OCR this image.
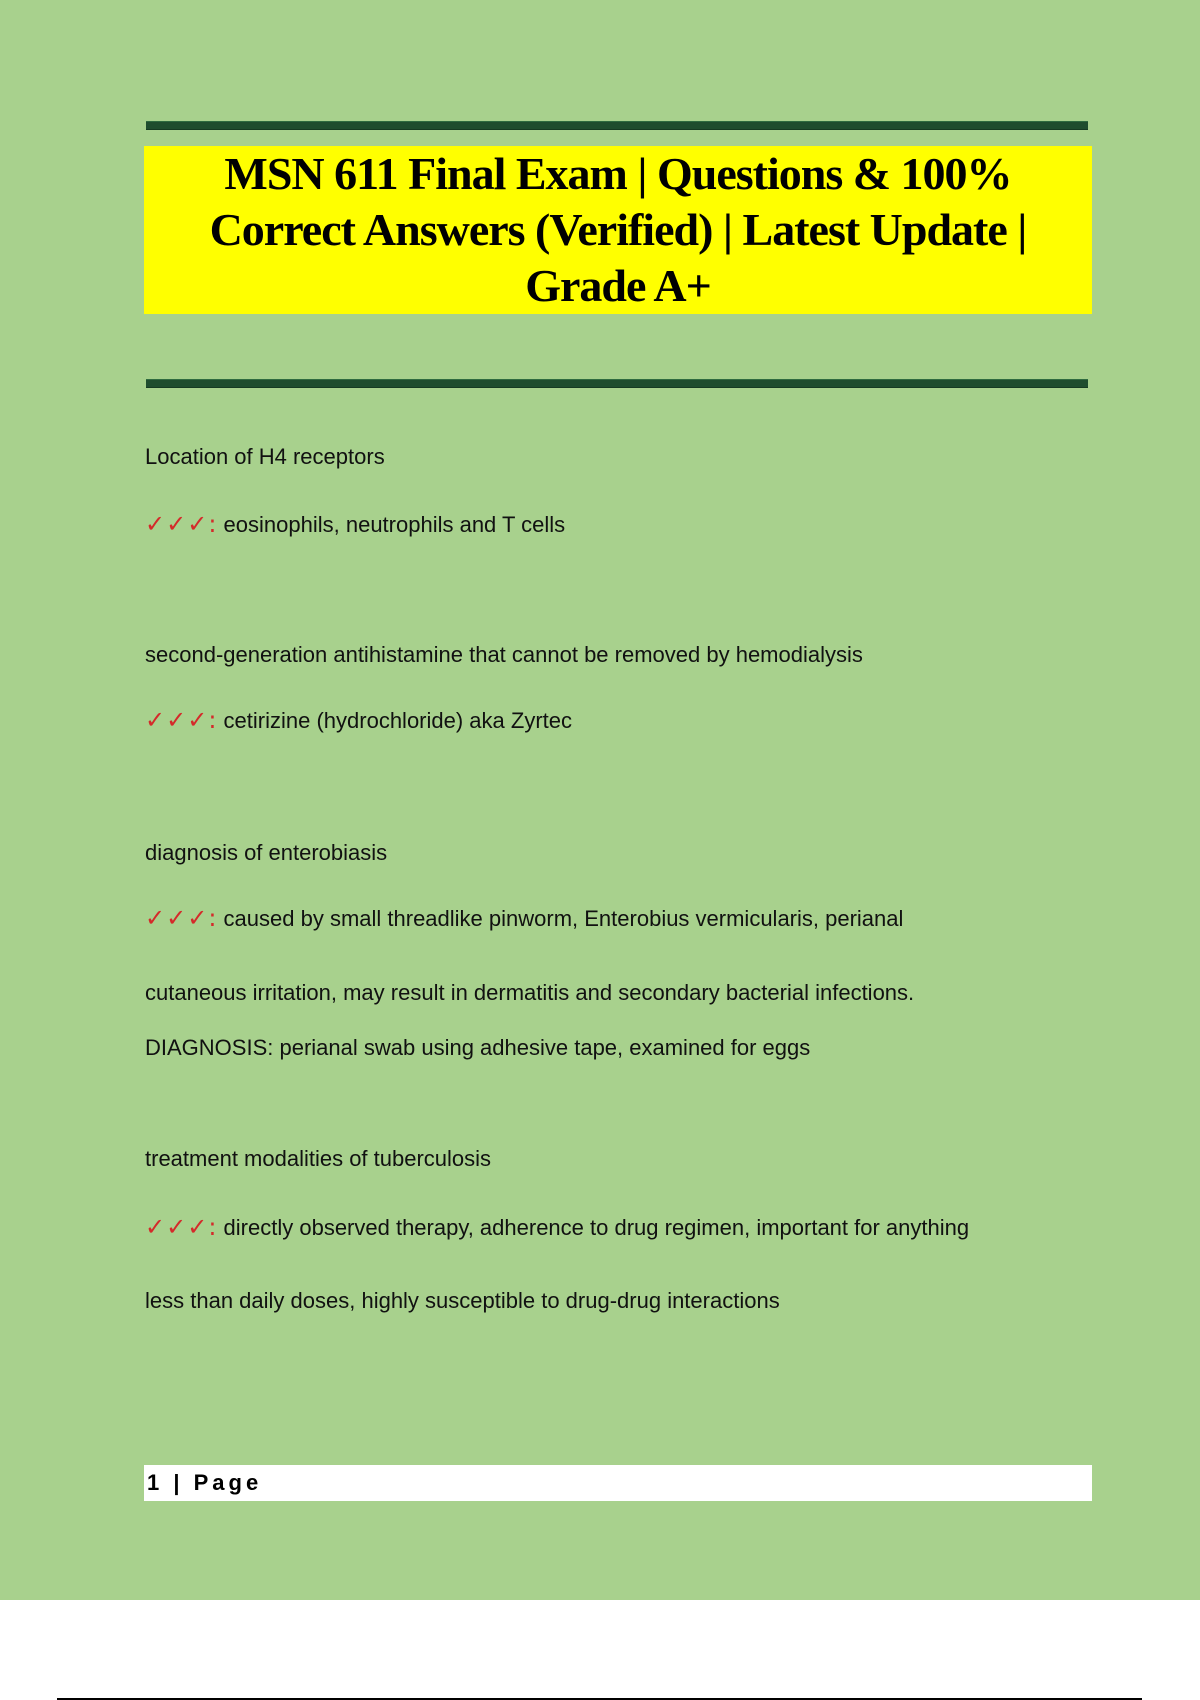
MSN 611 Final Exam | Questions & 100% Correct Answers (Verified) | Latest Update | Grade A+
Location of H4 receptors
✓✓✓: eosinophils, neutrophils and T cells
second-generation antihistamine that cannot be removed by hemodialysis
✓✓✓: cetirizine (hydrochloride) aka Zyrtec
diagnosis of enterobiasis
✓✓✓: caused by small threadlike pinworm, Enterobius vermicularis, perianal
cutaneous irritation, may result in dermatitis and secondary bacterial infections.
DIAGNOSIS: perianal swab using adhesive tape, examined for eggs
treatment modalities of tuberculosis
✓✓✓: directly observed therapy, adherence to drug regimen, important for anything
less than daily doses, highly susceptible to drug-drug interactions
1 | Page
